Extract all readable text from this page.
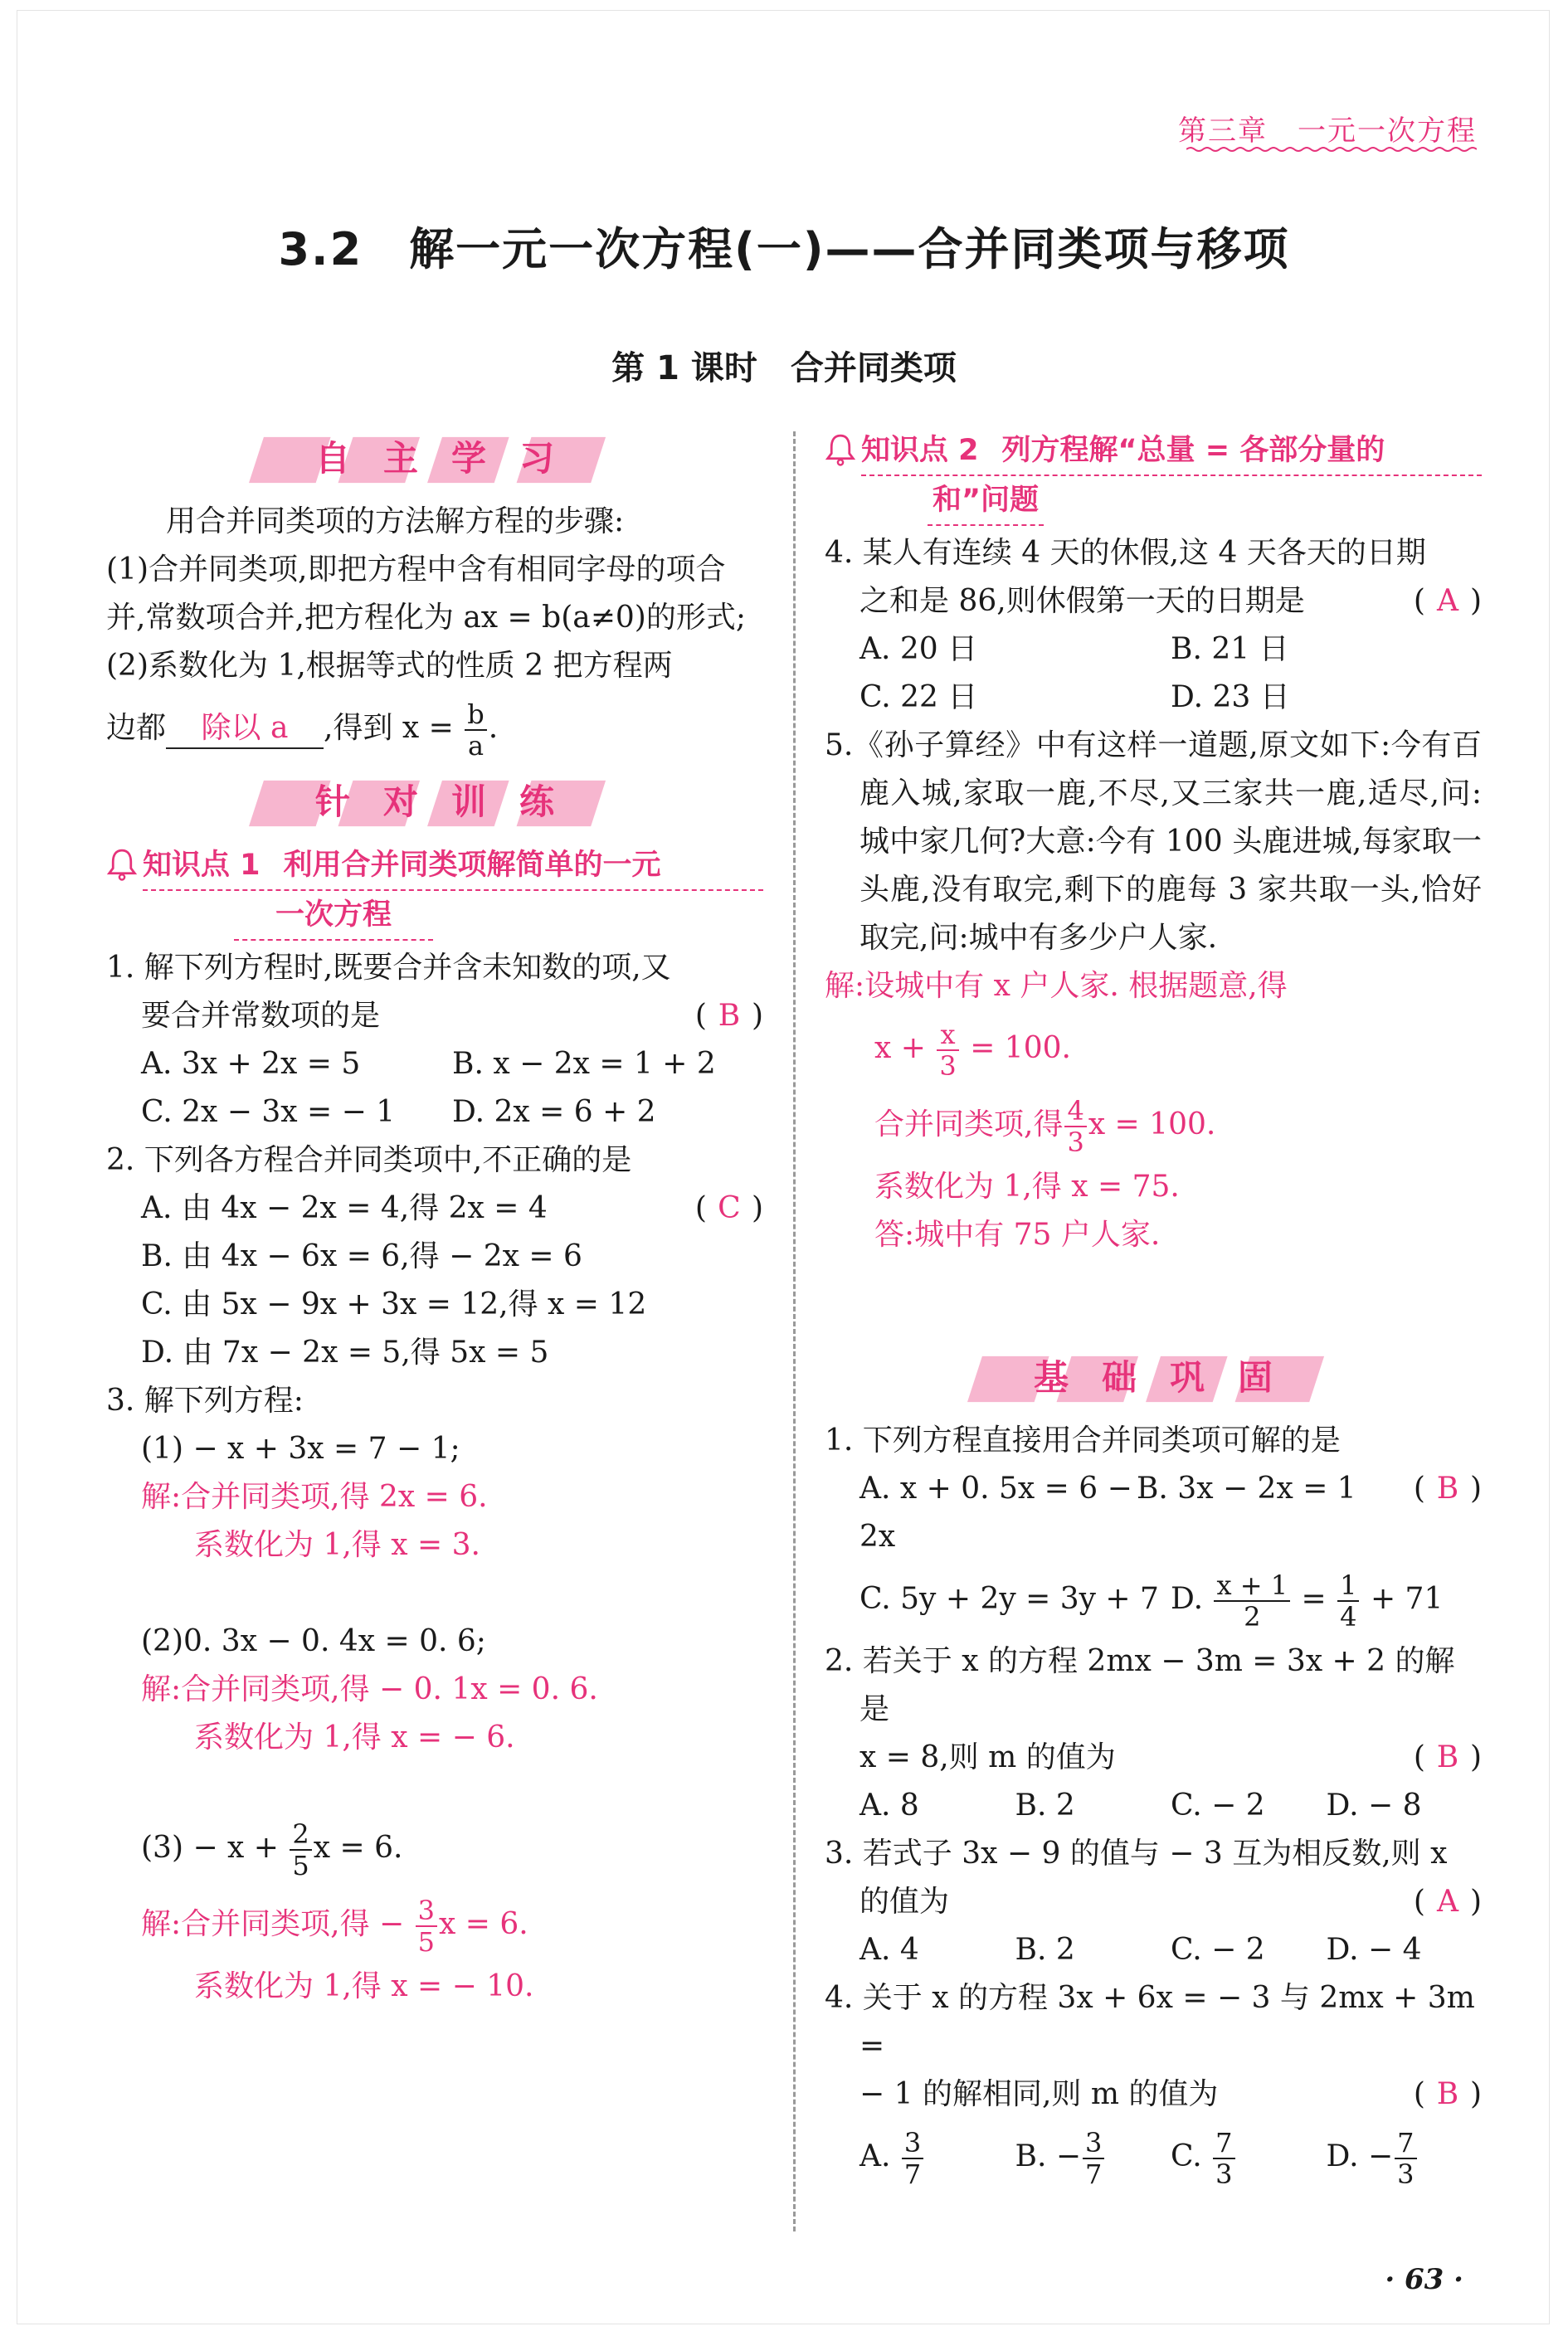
第三章　一元一次方程
3.2　解一元一次方程(一)——合并同类项与移项
第 1 课时　合并同类项
自主学习

用合并同类项的方法解方程的步骤:

(1)合并同类项,即把方程中含有相同字母的项合并,常数项合并,把方程化为 ax = b(a≠0)的形式;

(2)系数化为 1,根据等式的性质 2 把方程两

边都 除以 a ,得到 $x = \frac{b}{a}$ .

针对训练
知识点 1 利用合并同类项解简单的一元
一次方程

1. 解下列方程时,既要合并含未知数的项,又

要合并常数项的是	( B )

A. 3x + 2x = 5	B. x − 2x = 1 + 2
C. 2x − 3x = − 1	D. 2x = 6 + 2

2. 下列各方程合并同类项中,不正确的是

( C )

A. 由 4x − 2x = 4,得 2x = 4

B. 由 4x − 6x = 6,得 − 2x = 6

C. 由 5x − 9x + 3x = 12,得 x = 12

D. 由 7x − 2x = 5,得 5x = 5

3. 解下列方程:

(1) − x + 3x = 7 − 1;

解:合并同类项,得 2x = 6.

系数化为 1,得 x = 3.

(2)0. 3x − 0. 4x = 0. 6;

解:合并同类项,得 − 0. 1x = 0. 6.

系数化为 1,得 x = − 6.

$(3) - x + \frac{2}{5}$ x = 6.

解:合并同类项,得 − $\frac{3}{5}$ x = 6.

系数化为 1,得 x = − 10.

知识点 2 列方程解“总量 = 各部分量的
和”问题

4. 某人有连续 4 天的休假,这 4 天各天的日期

之和是 86,则休假第一天的日期是	( A )

A. 20 日	B. 21 日
C. 22 日	D. 23 日

5.《孙子算经》中有这样一道题,原文如下:今有百鹿入城,家取一鹿,不尽,又三家共一鹿,适尽,问:城中家几何?大意:今有 100 头鹿进城,每家取一头鹿,没有取完,剩下的鹿每 3 家共取一头,恰好取完,问:城中有多少户人家.

解:设城中有 x 户人家. 根据题意,得

$x + \frac{x}{3} = 100$.

合并同类项,得 $\frac{4}{3}$ x = 100.

系数化为 1,得 x = 75.

答:城中有 75 户人家.

基础巩固

1. 下列方程直接用合并同类项可解的是

( B )

A. x + 0. 5x = 6 − 2x
B. 3x − 2x = 1
C. 5y + 2y = 3y + 7 D. $\frac{x + 1}{2} = \frac{1}{4} + 71$

2. 若关于 x 的方程 2mx − 3m = 3x + 2 的解是

x = 8,则 m 的值为	( B )

A. 8	B. 2	C. − 2	D. − 8

3. 若式子 3x − 9 的值与 − 3 互为相反数,则 x

的值为	( A )

A. 4	B. 2	C. − 2	D. − 4

4. 关于 x 的方程 3x + 6x = − 3 与 2mx + 3m =

− 1 的解相同,则 m 的值为	( B )

A. $\frac{3}{7}$	B. − $\frac{3}{7} C$. $\frac{7}{3}$	D. − $\frac{7}{3}$
· 63 ·
